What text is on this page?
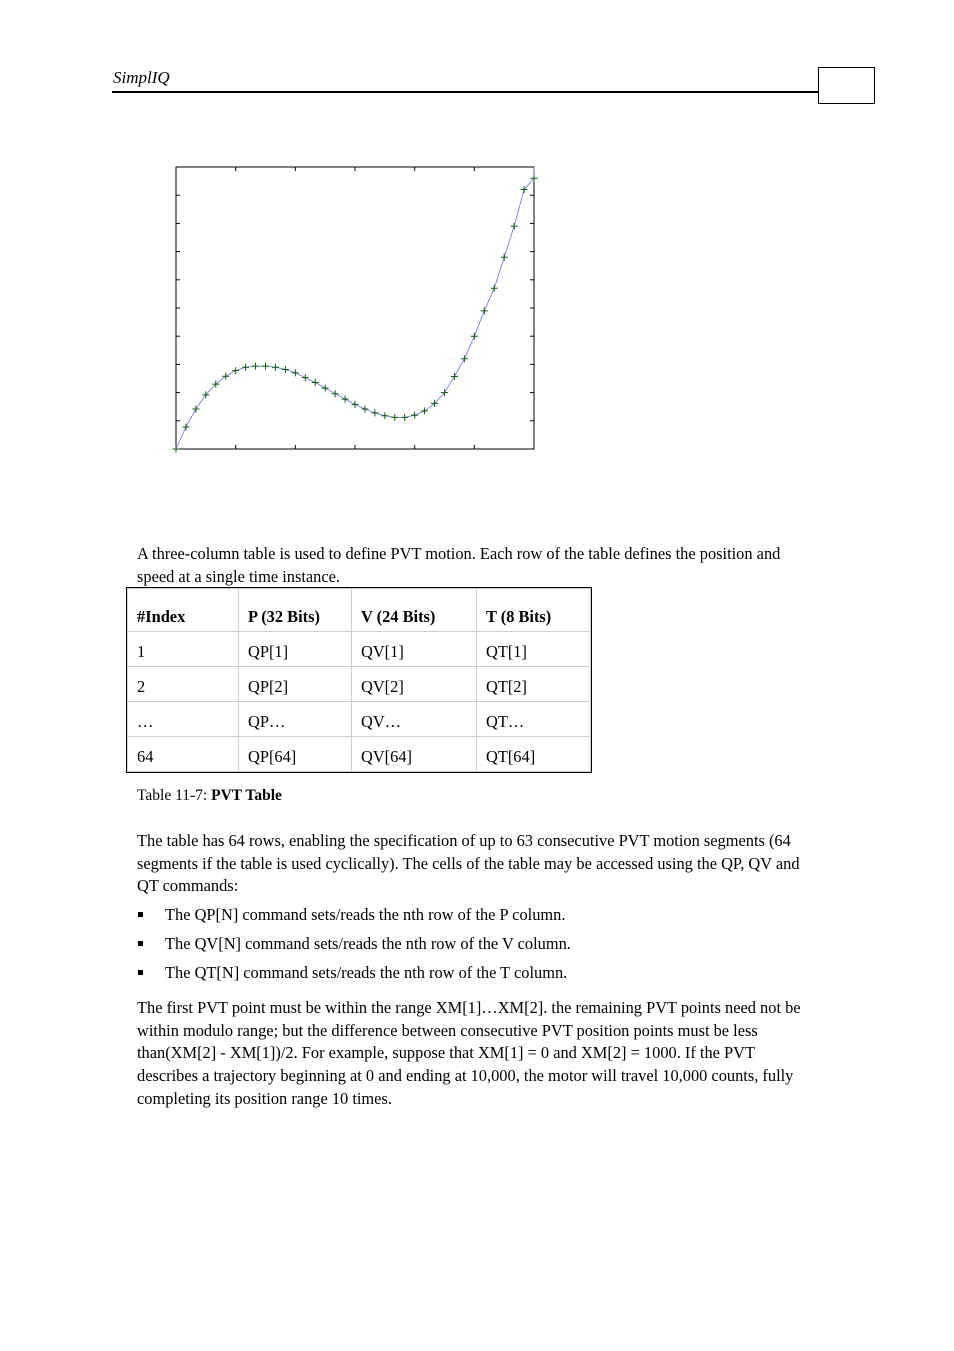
SimplIQ

A three-column table is used to define PVT motion. Each row of the table defines the position and speed at a single time instance.

#Index	P (32 Bits)	V (24 Bits)	T (8 Bits)
1	QP[1]	QV[1]	QT[1]
2	QP[2]	QV[2]	QT[2]
…	QP…	QV…	QT…
64	QP[64]	QV[64]	QT[64]
Table 11-7: PVT Table

The table has 64 rows, enabling the specification of up to 63 consecutive PVT motion segments (64 segments if the table is used cyclically). The cells of the table may be accessed using the QP, QV and QT commands:

The QP[N] command sets/reads the nth row of the P column.
The QV[N] command sets/reads the nth row of the V column.
The QT[N] command sets/reads the nth row of the T column.

The first PVT point must be within the range XM[1]…XM[2]. the remaining PVT points need not be within modulo range; but the difference between consecutive PVT position points must be less than(XM[2] - XM[1])/2. For example, suppose that XM[1] = 0 and XM[2] = 1000. If the PVT describes a trajectory beginning at 0 and ending at 10,000, the motor will travel 10,000 counts, fully completing its position range 10 times.
